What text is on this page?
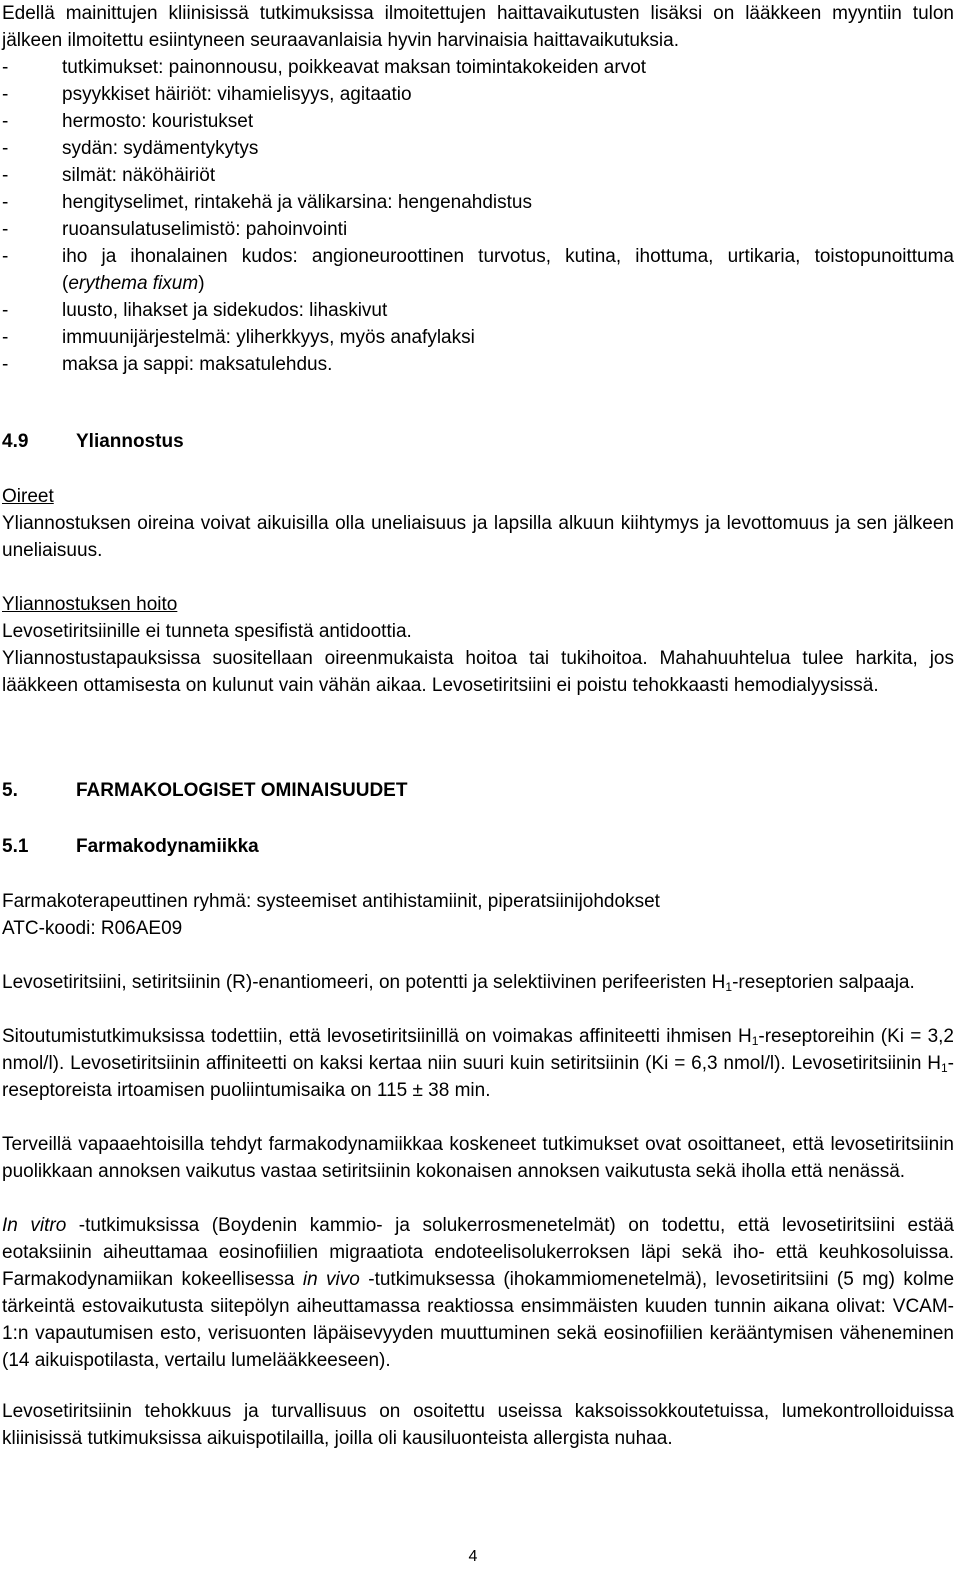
Edellä mainittujen kliinisissä tutkimuksissa ilmoitettujen haittavaikutusten lisäksi on lääkkeen myyntiin tulon jälkeen ilmoitettu esiintyneen seuraavanlaisia hyvin harvinaisia haittavaikutuksia.

-	tutkimukset: painonnousu, poikkeavat maksan toimintakokeiden arvot
-	psyykkiset häiriöt: vihamielisyys, agitaatio
-	hermosto: kouristukset
-	sydän: sydämentykytys
-	silmät: näköhäiriöt
-	hengityselimet, rintakehä ja välikarsina: hengenahdistus
-	ruoansulatuselimistö: pahoinvointi
-	iho ja ihonalainen kudos: angioneuroottinen turvotus, kutina, ihottuma, urtikaria, toistopunoittuma (erythema fixum)
-	luusto, lihakset ja sidekudos: lihaskivut
-	immuunijärjestelmä: yliherkkyys, myös anafylaksi
-	maksa ja sappi: maksatulehdus.
4.9	Yliannostus

Oireet

Yliannostuksen oireina voivat aikuisilla olla uneliaisuus ja lapsilla alkuun kiihtymys ja levottomuus ja sen jälkeen uneliaisuus.

Yliannostuksen hoito

Levosetiritsiinille ei tunneta spesifistä antidoottia.

Yliannostustapauksissa suositellaan oireenmukaista hoitoa tai tukihoitoa. Mahahuuhtelua tulee harkita, jos lääkkeen ottamisesta on kulunut vain vähän aikaa. Levosetiritsiini ei poistu tehokkaasti hemodialyysissä.

5.	FARMAKOLOGISET OMINAISUUDET
5.1	Farmakodynamiikka

Farmakoterapeuttinen ryhmä: systeemiset antihistamiinit, piperatsiinijohdokset

ATC-koodi: R06AE09

Levosetiritsiini, setiritsiinin (R)-enantiomeeri, on potentti ja selektiivinen perifeeristen $H_1$-reseptorien salpaaja.

Sitoutumistutkimuksissa todettiin, että levosetiritsiinillä on voimakas affiniteetti ihmisen $H_1$-reseptoreihin (Ki = 3,2 nmol/l). Levosetiritsiinin affiniteetti on kaksi kertaa niin suuri kuin setiritsiinin (Ki = 6,3 nmol/l). Levosetiritsiinin $H_1$-reseptoreista irtoamisen puoliintumisaika on 115 ± 38 min.

Terveillä vapaaehtoisilla tehdyt farmakodynamiikkaa koskeneet tutkimukset ovat osoittaneet, että levosetiritsiinin puolikkaan annoksen vaikutus vastaa setiritsiinin kokonaisen annoksen vaikutusta sekä iholla että nenässä.

In vitro -tutkimuksissa (Boydenin kammio- ja solukerrosmenetelmät) on todettu, että levosetiritsiini estää eotaksiinin aiheuttamaa eosinofiilien migraatiota endoteelisolukerroksen läpi sekä iho- että keuhkosoluissa. Farmakodynamiikan kokeellisessa in vivo -tutkimuksessa (ihokammiomenetelmä), levosetiritsiini (5 mg) kolme tärkeintä estovaikutusta siitepölyn aiheuttamassa reaktiossa ensimmäisten kuuden tunnin aikana olivat: VCAM-1:n vapautumisen esto, verisuonten läpäisevyyden muuttuminen sekä eosinofiilien kerääntymisen väheneminen (14 aikuispotilasta, vertailu lumelääkkeeseen).

Levosetiritsiinin tehokkuus ja turvallisuus on osoitettu useissa kaksoissokkoutetuissa, lumekontrolloiduissa kliinisissä tutkimuksissa aikuispotilailla, joilla oli kausiluonteista allergista nuhaa.

4
